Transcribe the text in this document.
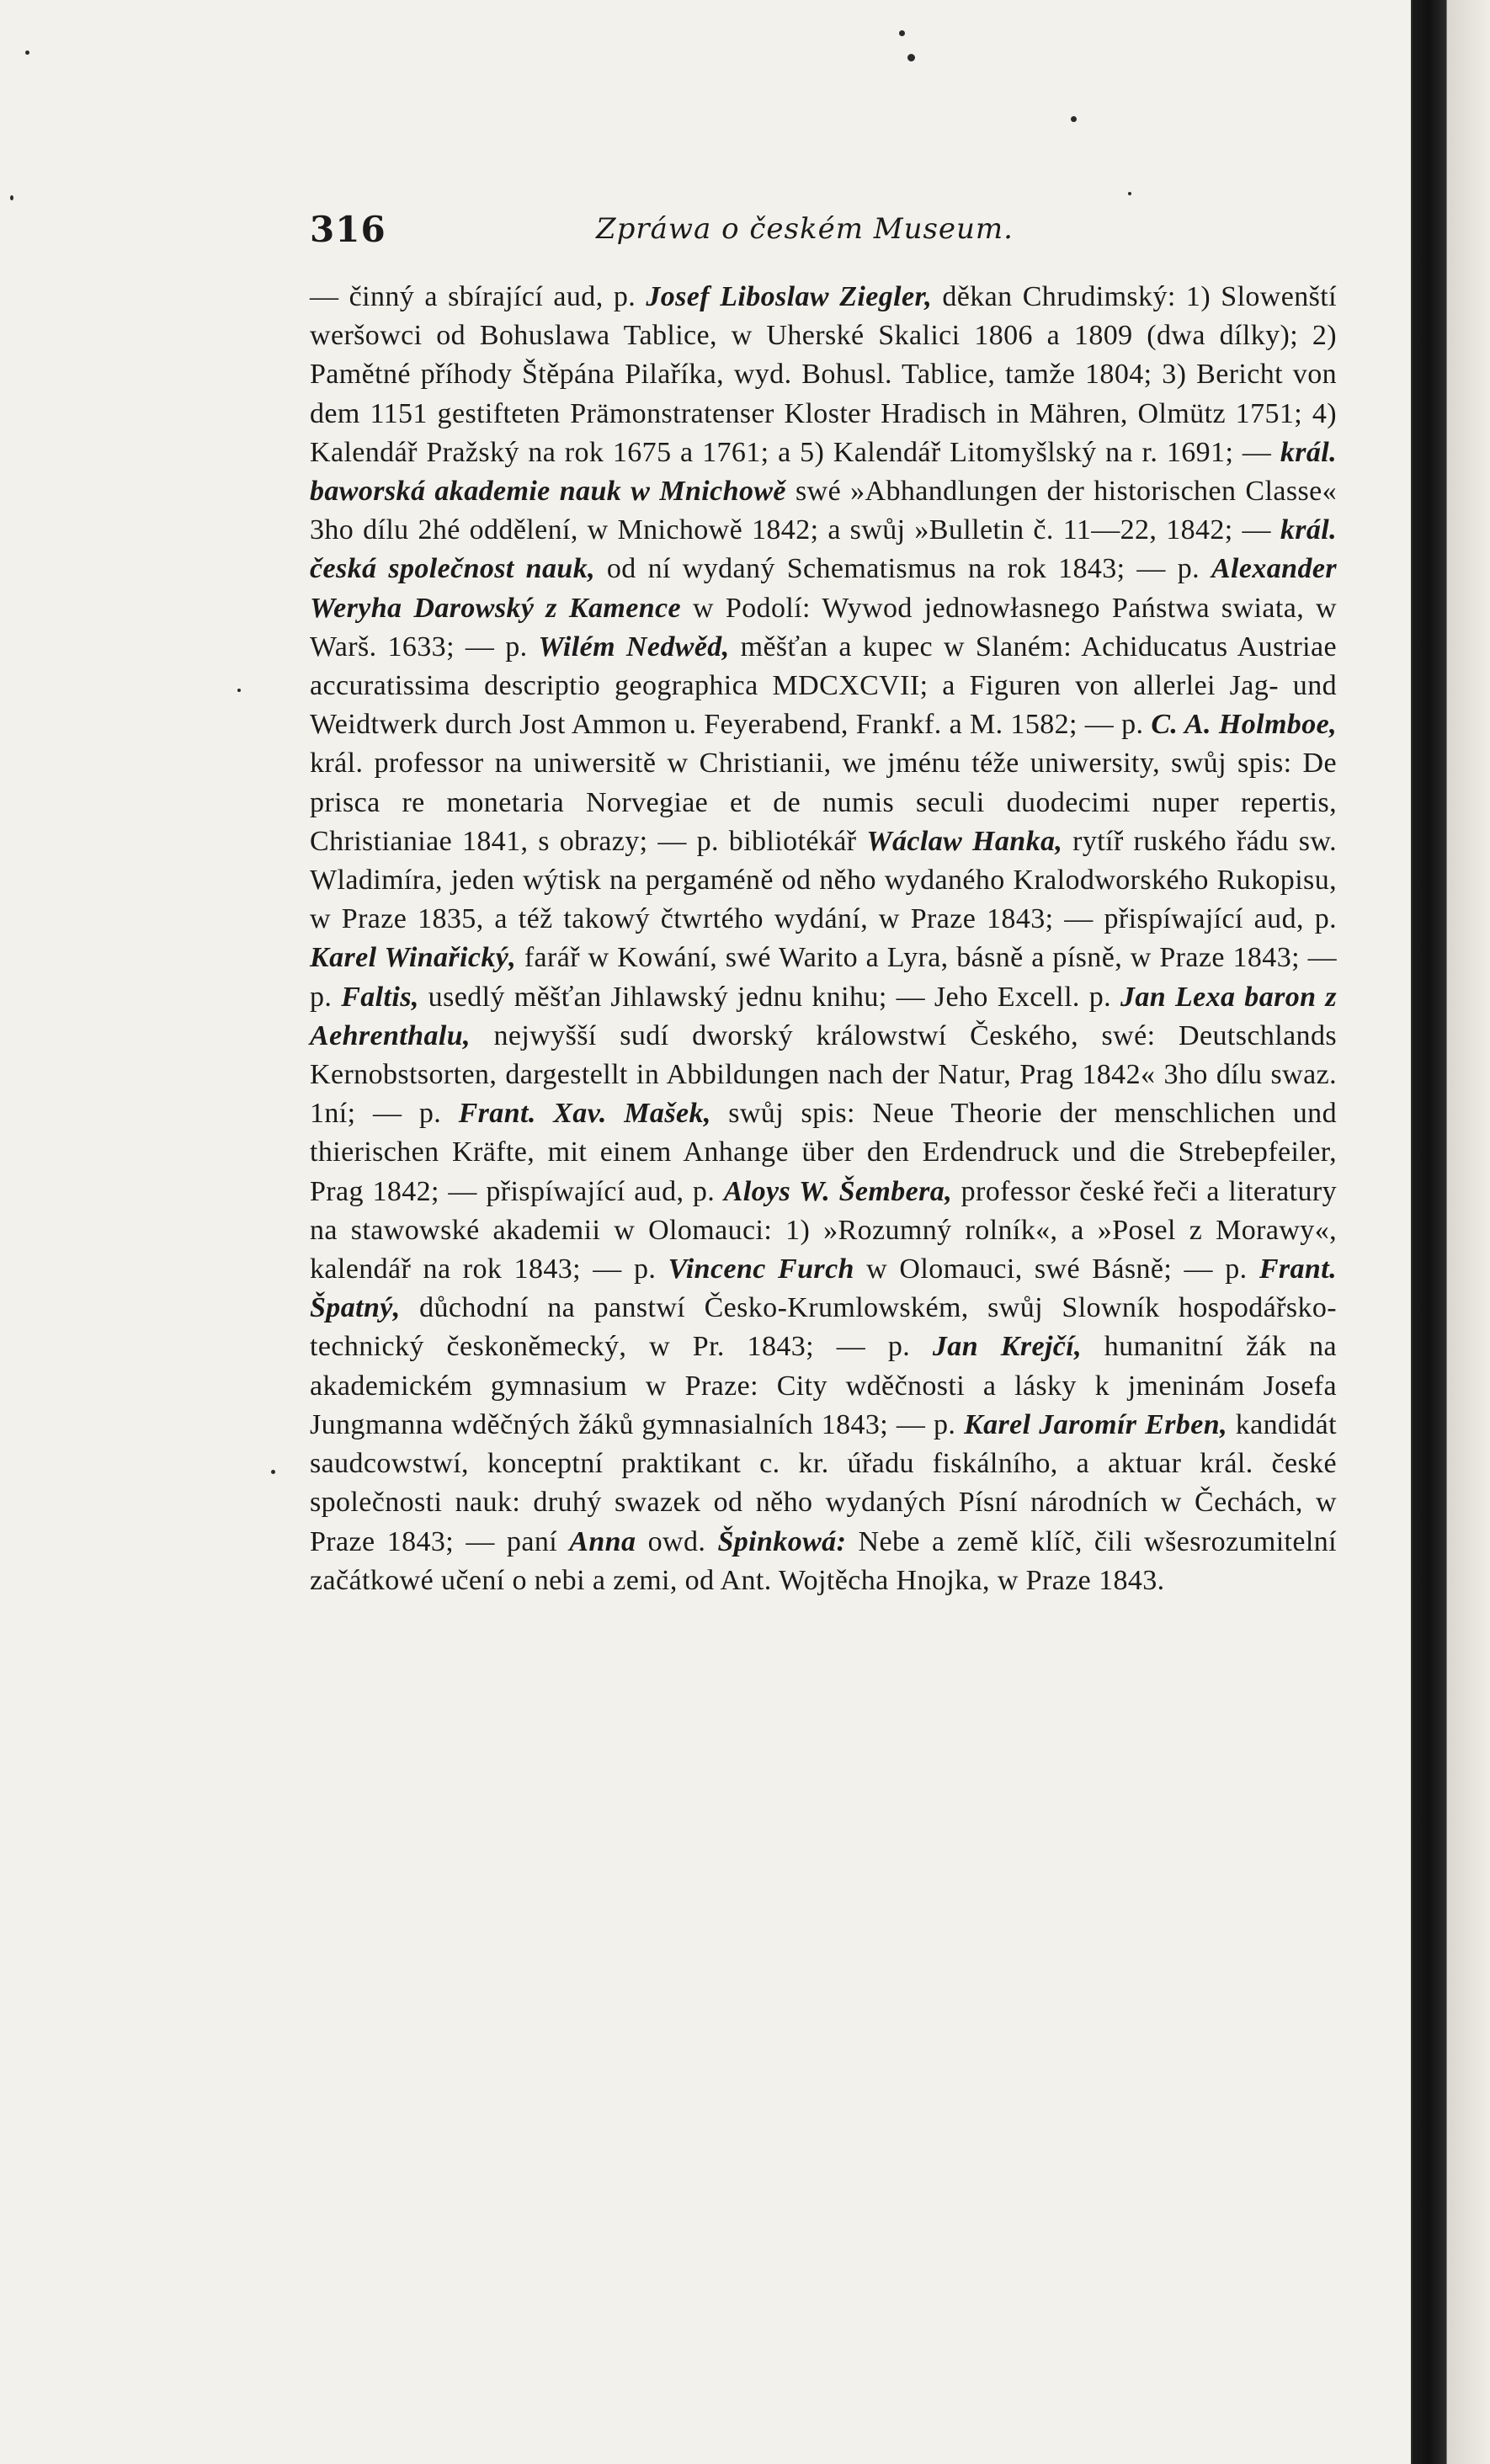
316	Zpráwa o českém Museum.
— činný a sbírající aud, p. Josef Liboslaw Ziegler, děkan Chrudimský: 1) Slowenští weršowci od Bohuslawa Tablice, w Uherské Skalici 1806 a 1809 (dwa dílky); 2) Pamětné příhody Štěpána Pilaříka, wyd. Bohusl. Tablice, tamže 1804; 3) Bericht von dem 1151 gestifteten Prämonstratenser Kloster Hradisch in Mähren, Olmütz 1751; 4) Kalendář Pražský na rok 1675 a 1761; a 5) Kalendář Litomyšlský na r. 1691; — král. baworská akademie nauk w Mnichowě swé »Abhandlungen der historischen Classe« 3ho dílu 2hé oddělení, w Mnichowě 1842; a swůj »Bulletin č. 11—22, 1842; — král. česká společnost nauk, od ní wydaný Schematismus na rok 1843; — p. Alexander Weryha Darowský z Kamence w Podolí: Wywod jednowłasnego Państwa swiata, w Warš. 1633; — p. Wilém Nedwěd, měšťan a kupec w Slaném: Achiducatus Austriae accuratissima descriptio geographica MDCXCVII; a Figuren von allerlei Jag- und Weidtwerk durch Jost Ammon u. Feyerabend, Frankf. a M. 1582; — p. C. A. Holmboe, král. professor na uniwersitě w Christianii, we jménu téže uniwersity, swůj spis: De prisca re monetaria Norvegiae et de numis seculi duodecimi nuper repertis, Christianiae 1841, s obrazy; — p. bibliotékář Wáclaw Hanka, rytíř ruského řádu sw. Wladimíra, jeden wýtisk na pergaméně od něho wydaného Kralodworského Rukopisu, w Praze 1835, a též takowý čtwrtého wydání, w Praze 1843; — přispíwající aud, p. Karel Winařický, farář w Kowání, swé Warito a Lyra, básně a písně, w Praze 1843; — p. Faltis, usedlý měšťan Jihlawský jednu knihu; — Jeho Excell. p. Jan Lexa baron z Aehrenthalu, nejwyšší sudí dworský králowstwí Českého, swé: Deutschlands Kernobstsorten, dargestellt in Abbildungen nach der Natur, Prag 1842« 3ho dílu swaz. 1ní; — p. Frant. Xav. Mašek, swůj spis: Neue Theorie der menschlichen und thierischen Kräfte, mit einem Anhange über den Erdendruck und die Strebepfeiler, Prag 1842; — přispíwající aud, p. Aloys W. Šembera, professor české řeči a literatury na stawowské akademii w Olomauci: 1) »Rozumný rolník«, a »Posel z Morawy«, kalendář na rok 1843; — p. Vincenc Furch w Olomauci, swé Básně; — p. Frant. Špatný, důchodní na panstwí Česko-Krumlowském, swůj Slowník hospodářsko-technický českoněmecký, w Pr. 1843; — p. Jan Krejčí, humanitní žák na akademickém gymnasium w Praze: City wděčnosti a lásky k jmeninám Josefa Jungmanna wděčných žáků gymnasialních 1843; — p. Karel Jaromír Erben, kandidát saudcowstwí, konceptní praktikant c. kr. úřadu fiskálního, a aktuar král. české společnosti nauk: druhý swazek od něho wydaných Písní národních w Čechách, w Praze 1843; — paní Anna owd. Špinkowá: Nebe a země klíč, čili wšesrozumitelní začátkowé učení o nebi a zemi, od Ant. Wojtěcha Hnojka, w Praze 1843.
